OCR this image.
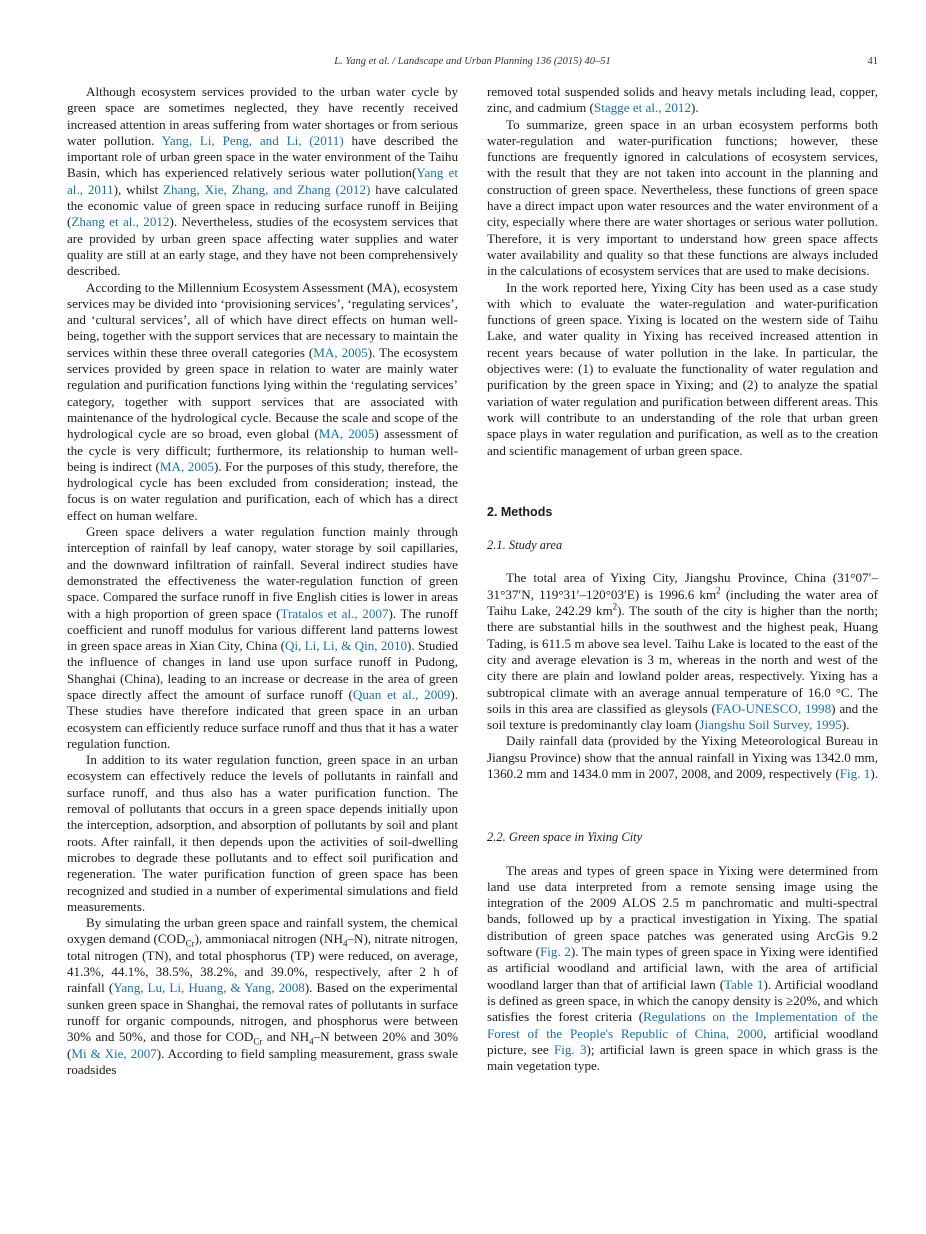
L. Yang et al. / Landscape and Urban Planning 136 (2015) 40–51	41

Although ecosystem services provided to the urban water cycle by green space are sometimes neglected, they have recently received increased attention in areas suffering from water shortages or from serious water pollution. Yang, Li, Peng, and Li, (2011) have described the important role of urban green space in the water environment of the Taihu Basin, which has experienced relatively serious water pollution(Yang et al., 2011), whilst Zhang, Xie, Zhang, and Zhang (2012) have calculated the economic value of green space in reducing surface runoff in Beijing (Zhang et al., 2012). Nevertheless, studies of the ecosystem services that are provided by urban green space affecting water supplies and water quality are still at an early stage, and they have not been comprehensively described.

According to the Millennium Ecosystem Assessment (MA), ecosystem services may be divided into ‘provisioning services’, ‘regulating services’, and ‘cultural services’, all of which have direct effects on human well-being, together with the support services that are necessary to maintain the services within these three overall categories (MA, 2005). The ecosystem services provided by green space in relation to water are mainly water regulation and purification functions lying within the ‘regulating services’ category, together with support services that are associated with maintenance of the hydrological cycle. Because the scale and scope of the hydrological cycle are so broad, even global (MA, 2005) assessment of the cycle is very difficult; furthermore, its relationship to human well-being is indirect (MA, 2005). For the purposes of this study, therefore, the hydrological cycle has been excluded from consideration; instead, the focus is on water regulation and purification, each of which has a direct effect on human welfare.

Green space delivers a water regulation function mainly through interception of rainfall by leaf canopy, water storage by soil capillaries, and the downward infiltration of rainfall. Several indirect studies have demonstrated the effectiveness the water-regulation function of green space. Compared the surface runoff in five English cities is lower in areas with a high proportion of green space (Tratalos et al., 2007). The runoff coefficient and runoff modulus for various different land patterns lowest in green space areas in Xian City, China (Qi, Li, Li, & Qin, 2010). Studied the influence of changes in land use upon surface runoff in Pudong, Shanghai (China), leading to an increase or decrease in the area of green space directly affect the amount of surface runoff (Quan et al., 2009). These studies have therefore indicated that green space in an urban ecosystem can efficiently reduce surface runoff and thus that it has a water regulation function.

In addition to its water regulation function, green space in an urban ecosystem can effectively reduce the levels of pollutants in rainfall and surface runoff, and thus also has a water purification function. The removal of pollutants that occurs in a green space depends initially upon the interception, adsorption, and absorption of pollutants by soil and plant roots. After rainfall, it then depends upon the activities of soil-dwelling microbes to degrade these pollutants and to effect soil purification and regeneration. The water purification function of green space has been recognized and studied in a number of experimental simulations and field measurements.

By simulating the urban green space and rainfall system, the chemical oxygen demand $(COD_{Cr})$, ammoniacal nitrogen $(NH_4-N)$, nitrate nitrogen, total nitrogen (TN), and total phosphorus (TP) were reduced, on average, 41.3%, 44.1%, 38.5%, 38.2%, and 39.0%, respectively, after 2 h of rainfall (Yang, Lu, Li, Huang, & Yang, 2008). Based on the experimental sunken green space in Shanghai, the removal rates of pollutants in surface runoff for organic compounds, nitrogen, and phosphorus were between 30% and 50%, and those for $COD_{Cr}$ and $NH_4-N$ between 20% and 30% (Mi & Xie, 2007). According to field sampling measurement, grass swale roadsides

removed total suspended solids and heavy metals including lead, copper, zinc, and cadmium (Stagge et al., 2012).

To summarize, green space in an urban ecosystem performs both water-regulation and water-purification functions; however, these functions are frequently ignored in calculations of ecosystem services, with the result that they are not taken into account in the planning and construction of green space. Nevertheless, these functions of green space have a direct impact upon water resources and the water environment of a city, especially where there are water shortages or serious water pollution. Therefore, it is very important to understand how green space affects water availability and quality so that these functions are always included in the calculations of ecosystem services that are used to make decisions.

In the work reported here, Yixing City has been used as a case study with which to evaluate the water-regulation and water-purification functions of green space. Yixing is located on the western side of Taihu Lake, and water quality in Yixing has received increased attention in recent years because of water pollution in the lake. In particular, the objectives were: (1) to evaluate the functionality of water regulation and purification by the green space in Yixing; and (2) to analyze the spatial variation of water regulation and purification between different areas. This work will contribute to an understanding of the role that urban green space plays in water regulation and purification, as well as to the creation and scientific management of urban green space.

2. Methods
2.1. Study area

The total area of Yixing City, Jiangshu Province, China (31°07′–31°37′N, 119°31′–120°03′E) is 1996.6 $km^2$ (including the water area of Taihu Lake, 242.29 $km^2$). The south of the city is higher than the north; there are substantial hills in the southwest and the highest peak, Huang Tading, is 611.5 m above sea level. Taihu Lake is located to the east of the city and average elevation is 3 m, whereas in the north and west of the city there are plain and lowland polder areas, respectively. Yixing has a subtropical climate with an average annual temperature of 16.0 °C. The soils in this area are classified as gleysols (FAO-UNESCO, 1998) and the soil texture is predominantly clay loam (Jiangshu Soil Survey, 1995).

Daily rainfall data (provided by the Yixing Meteorological Bureau in Jiangsu Province) show that the annual rainfall in Yixing was 1342.0 mm, 1360.2 mm and 1434.0 mm in 2007, 2008, and 2009, respectively (Fig. 1).

2.2. Green space in Yixing City

The areas and types of green space in Yixing were determined from land use data interpreted from a remote sensing image using the integration of the 2009 ALOS 2.5 m panchromatic and multi-spectral bands, followed up by a practical investigation in Yixing. The spatial distribution of green space patches was generated using ArcGis 9.2 software (Fig. 2). The main types of green space in Yixing were identified as artificial woodland and artificial lawn, with the area of artificial woodland larger than that of artificial lawn (Table 1). Artificial woodland is defined as green space, in which the canopy density is ≥20%, and which satisfies the forest criteria (Regulations on the Implementation of the Forest of the People's Republic of China, 2000, artificial woodland picture, see Fig. 3); artificial lawn is green space in which grass is the main vegetation type.
